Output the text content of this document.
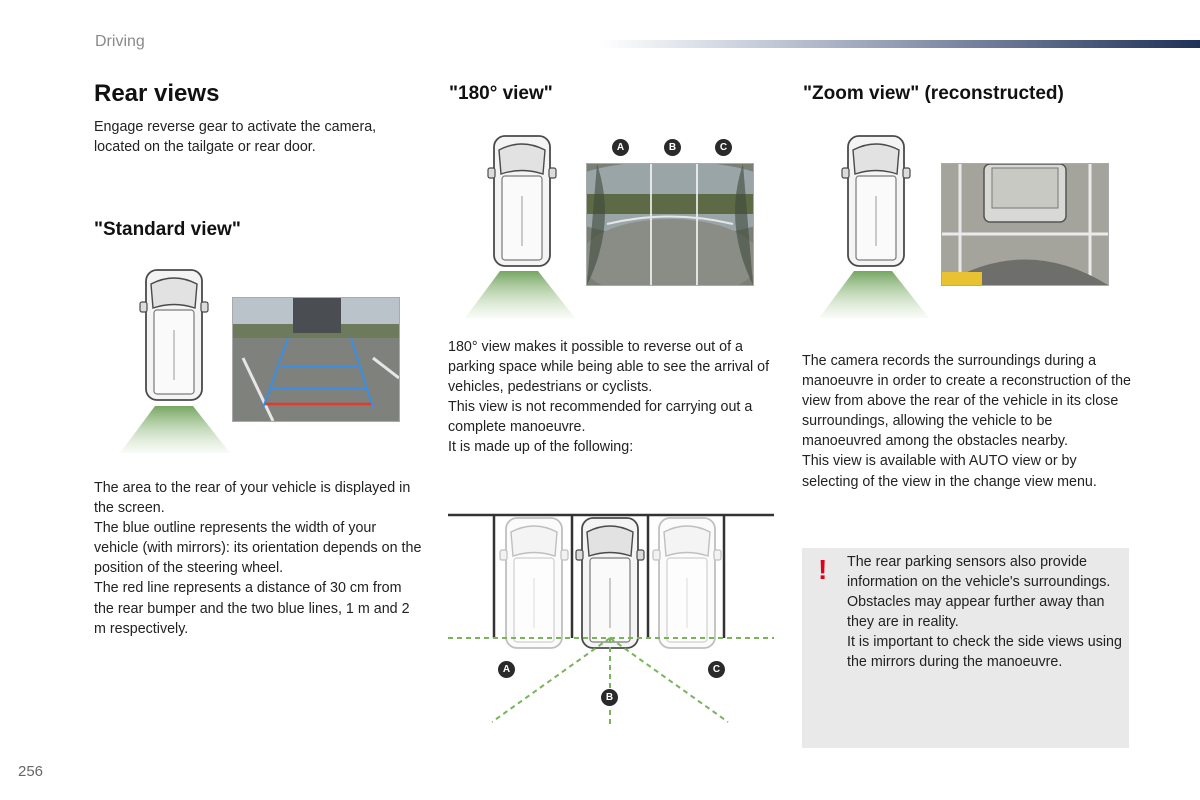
Driving
Rear views

Engage reverse gear to activate the camera, located on the tailgate or rear door.

"Standard view"

The area to the rear of your vehicle is displayed in the screen.

The blue outline represents the width of your vehicle (with mirrors): its orientation depends on the position of the steering wheel.

The red line represents a distance of 30 cm from the rear bumper and the two blue lines, 1 m and 2 m respectively.

"180° view"
A	B	C

180° view makes it possible to reverse out of a parking space while being able to see the arrival of vehicles, pedestrians or cyclists.

This view is not recommended for carrying out a complete manoeuvre.

It is made up of the following:

A
B
C
"Zoom view" (reconstructed)

The camera records the surroundings during a manoeuvre in order to create a reconstruction of the view from above the rear of the vehicle in its close surroundings, allowing the vehicle to be manoeuvred among the obstacles nearby.

This view is available with AUTO view or by selecting of the view in the change view menu.

! The rear parking sensors also provide information on the vehicle's surroundings.
Obstacles may appear further away than they are in reality.
It is important to check the side views using the mirrors during the manoeuvre.

256
